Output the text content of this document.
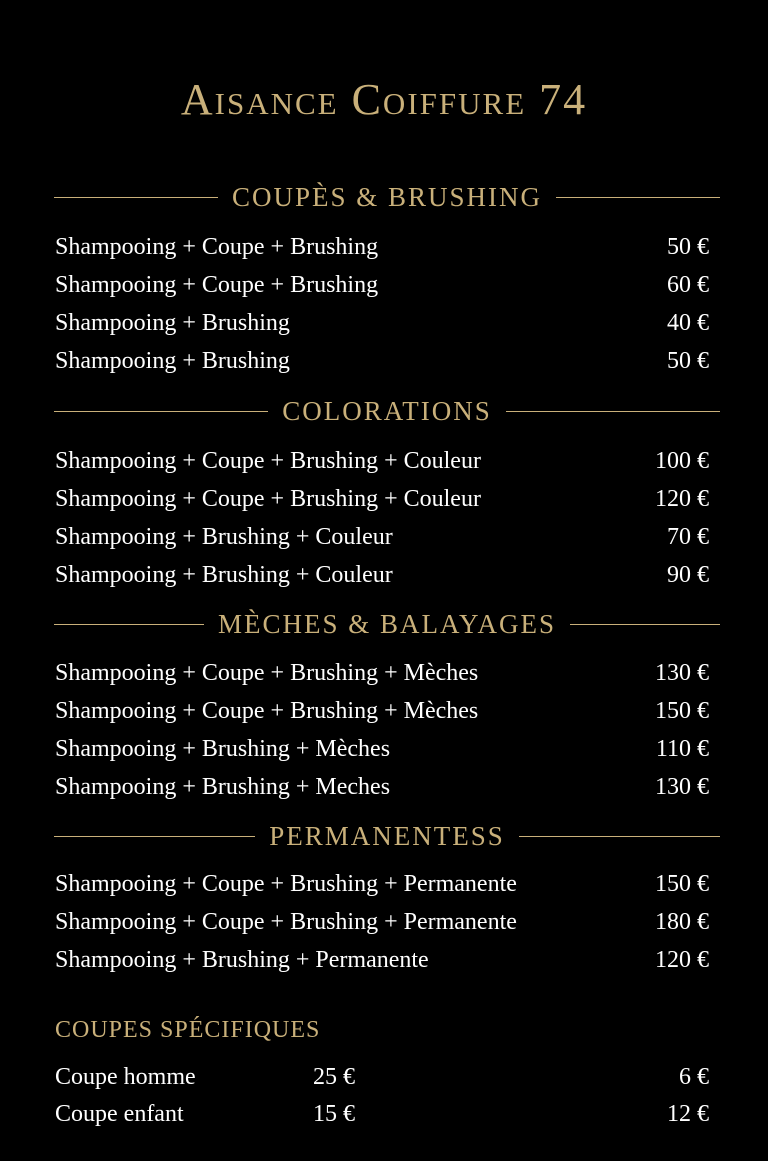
Aisance Coiffure 74
COUPÈS & BRUSHING
Shampooing + Coupe + Brushing	50 €
Shampooing + Coupe + Brushing	60 €
Shampooing + Brushing	40 €
Shampooing + Brushing	50 €
COLORATIONS
Shampooing + Coupe + Brushing + Couleur	100 €
Shampooing + Coupe + Brushing + Couleur	120 €
Shampooing + Brushing + Couleur	70 €
Shampooing + Brushing + Couleur	90 €
MÈCHES & BALAYAGES
Shampooing + Coupe + Brushing + Mèches	130 €
Shampooing + Coupe + Brushing + Mèches	150 €
Shampooing + Brushing + Mèches	110 €
Shampooing + Brushing + Meches	130 €
PERMANENTESS
Shampooing + Coupe + Brushing + Permanente	150 €
Shampooing + Coupe + Brushing + Permanente	180 €
Shampooing + Brushing + Permanente	120 €
COUPES SPÉCIFIQUES
Coupe homme	25 €	6 €
Coupe enfant	15 €	12 €
